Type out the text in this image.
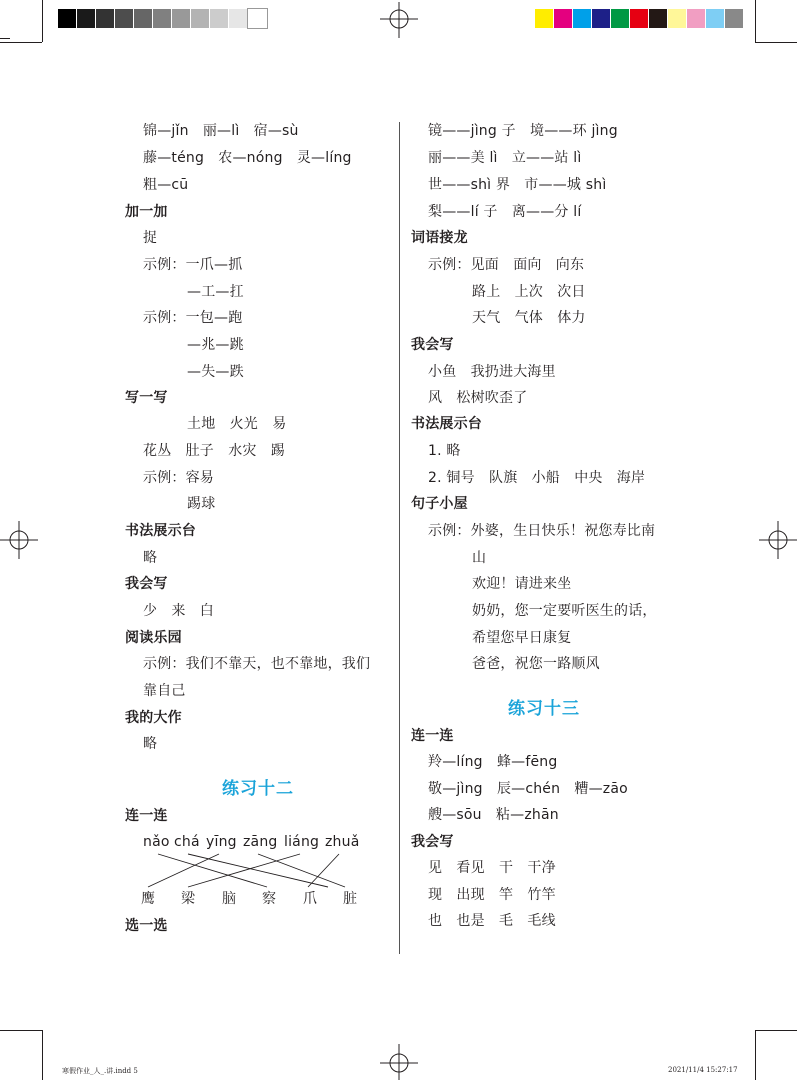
锦—jǐn　丽—lì　宿—sù
藤—téng　农—nóng　灵—líng
粗—cū
加一加
捉
示例：一爪—抓
—工—扛
示例：一包—跑
—兆—跳
—失—跌
写一写
土地　火光　易
花丛　肚子　水灾　踢
示例：容易
踢球
书法展示台
略
我会写
少　来　白
阅读乐园
示例：我们不靠天，也不靠地，我们
靠自己
我的大作
略
练习十二
连一连
nǎo chá yīng zāng liáng zhuǎ
鹰 梁 脑 察 爪 脏
选一选
镜——jìng 子　境——环 jìng
丽——美 lì　立——站 lì
世——shì 界　市——城 shì
梨——lí 子　离——分 lí
词语接龙
示例：见面　面向　向东
路上　上次　次日
天气　气体　体力
我会写
小鱼　我扔进大海里
风　松树吹歪了
书法展示台
1. 略
2. 铜号　队旗　小船　中央　海岸
句子小屋
示例：外婆，生日快乐！祝您寿比南
山
欢迎！请进来坐
奶奶，您一定要听医生的话，
希望您早日康复
爸爸，祝您一路顺风
练习十三
连一连
羚—líng　蜂—fēng
敬—jìng　辰—chén　糟—zāo
艘—sōu　粘—zhān
我会写
见　看见　干　干净
现　出现　竿　竹竿
也　也是　毛　毛线
寒假作业_人_.讲.indd 5	2021/11/4 15:27:17
